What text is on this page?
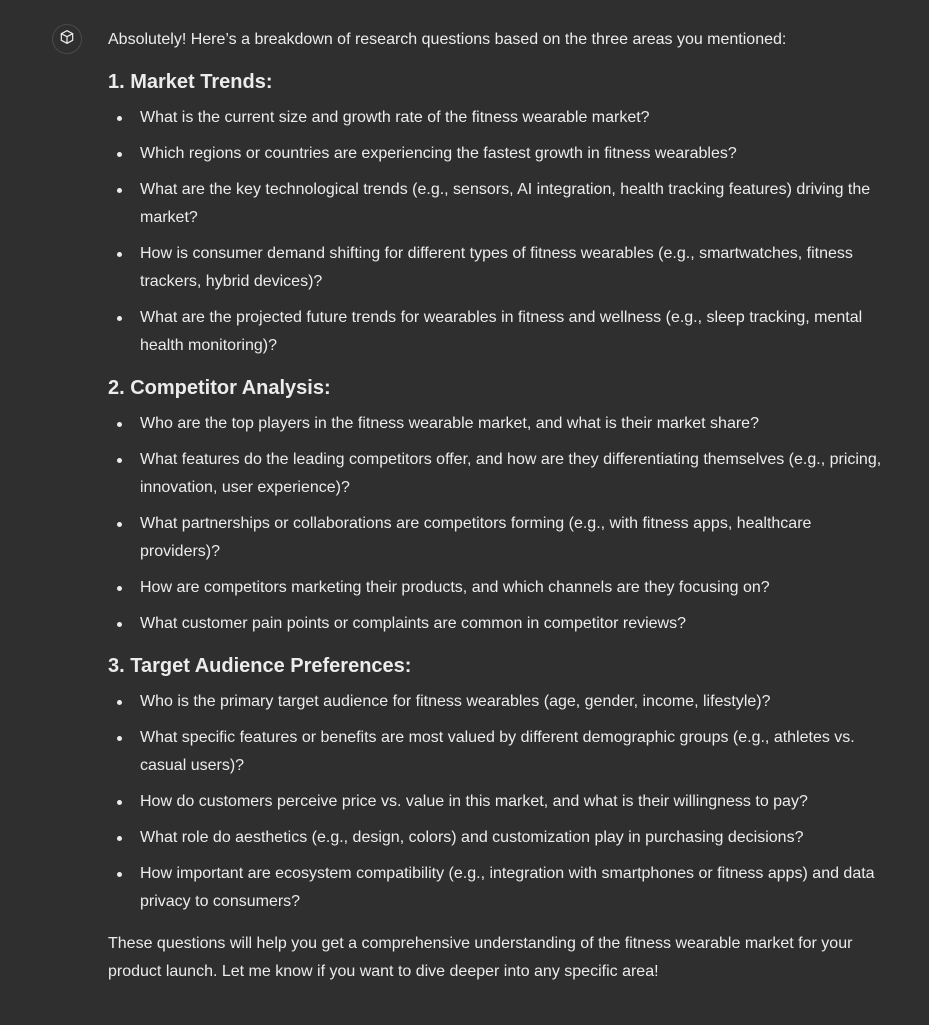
Absolutely! Here’s a breakdown of research questions based on the three areas you mentioned:

1. Market Trends:
What is the current size and growth rate of the fitness wearable market?
Which regions or countries are experiencing the fastest growth in fitness wearables?
What are the key technological trends (e.g., sensors, AI integration, health tracking features) driving the market?
How is consumer demand shifting for different types of fitness wearables (e.g., smartwatches, fitness trackers, hybrid devices)?
What are the projected future trends for wearables in fitness and wellness (e.g., sleep tracking, mental health monitoring)?
2. Competitor Analysis:
Who are the top players in the fitness wearable market, and what is their market share?
What features do the leading competitors offer, and how are they differentiating themselves (e.g., pricing, innovation, user experience)?
What partnerships or collaborations are competitors forming (e.g., with fitness apps, healthcare providers)?
How are competitors marketing their products, and which channels are they focusing on?
What customer pain points or complaints are common in competitor reviews?
3. Target Audience Preferences:
Who is the primary target audience for fitness wearables (age, gender, income, lifestyle)?
What specific features or benefits are most valued by different demographic groups (e.g., athletes vs. casual users)?
How do customers perceive price vs. value in this market, and what is their willingness to pay?
What role do aesthetics (e.g., design, colors) and customization play in purchasing decisions?
How important are ecosystem compatibility (e.g., integration with smartphones or fitness apps) and data privacy to consumers?

These questions will help you get a comprehensive understanding of the fitness wearable market for your product launch. Let me know if you want to dive deeper into any specific area!
